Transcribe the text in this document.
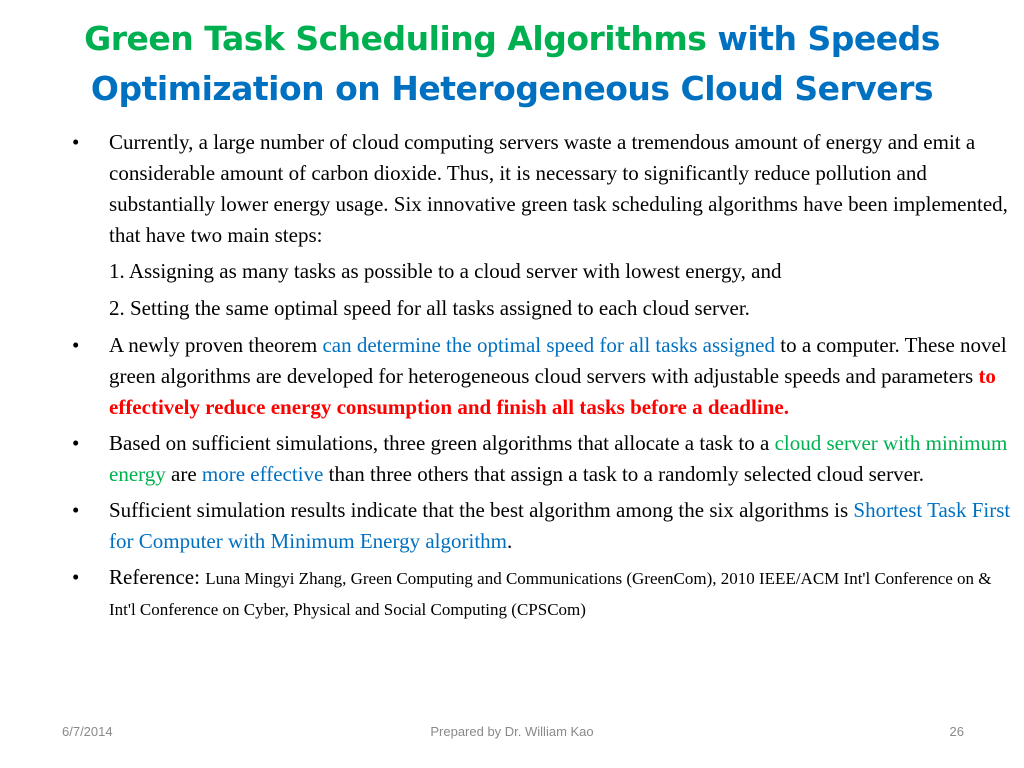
Green Task Scheduling Algorithms with Speeds
Optimization on Heterogeneous Cloud Servers
•	Currently, a large number of cloud computing servers waste a tremendous amount of energy and emit a considerable amount of carbon dioxide. Thus, it is necessary to significantly reduce pollution and substantially lower energy usage. Six innovative green task scheduling algorithms have been implemented, that have two main steps:
1. Assigning as many tasks as possible to a cloud server with lowest energy, and
2. Setting the same optimal speed for all tasks assigned to each cloud server.
•	A newly proven theorem can determine the optimal speed for all tasks assigned to a computer. These novel green algorithms are developed for heterogeneous cloud servers with adjustable speeds and parameters to effectively reduce energy consumption and finish all tasks before a deadline.
•	Based on sufficient simulations, three green algorithms that allocate a task to a cloud server with minimum energy are more effective than three others that assign a task to a randomly selected cloud server.
•	Sufficient simulation results indicate that the best algorithm among the six algorithms is Shortest Task First for Computer with Minimum Energy algorithm.
•	Reference: Luna Mingyi Zhang, Green Computing and Communications (GreenCom), 2010 IEEE/ACM Int'l Conference on & Int'l Conference on Cyber, Physical and Social Computing (CPSCom)
6/7/2014	Prepared by Dr. William Kao	26
